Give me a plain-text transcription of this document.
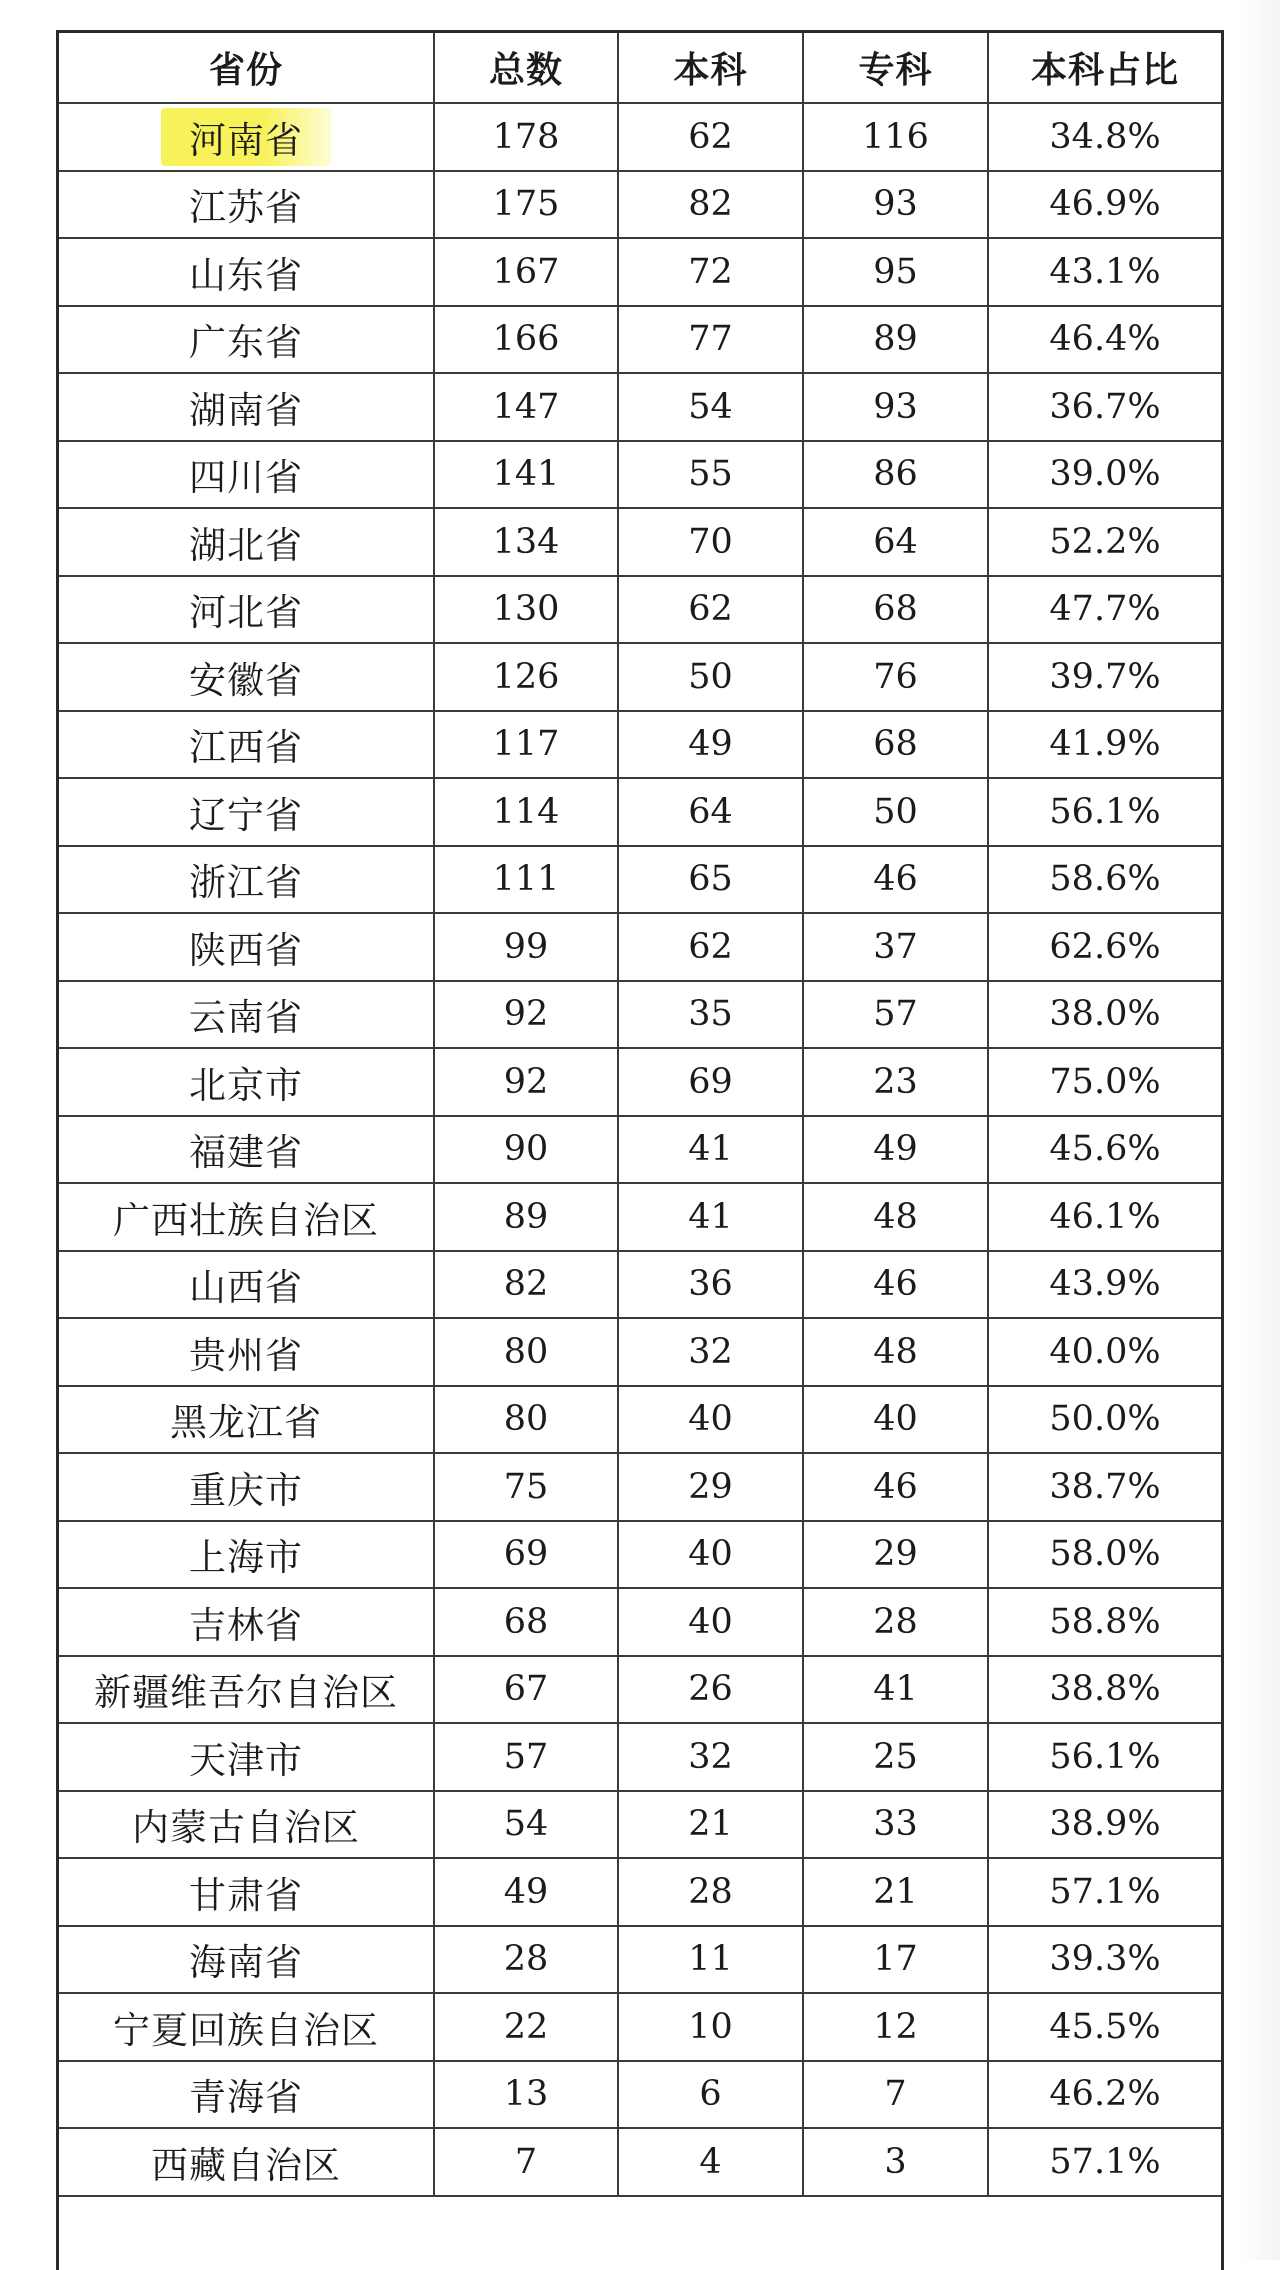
省份	总数	本科	专科	本科占比
河南省	178	62	116	34.8%
江苏省	175	82	93	46.9%
山东省	167	72	95	43.1%
广东省	166	77	89	46.4%
湖南省	147	54	93	36.7%
四川省	141	55	86	39.0%
湖北省	134	70	64	52.2%
河北省	130	62	68	47.7%
安徽省	126	50	76	39.7%
江西省	117	49	68	41.9%
辽宁省	114	64	50	56.1%
浙江省	111	65	46	58.6%
陕西省	99	62	37	62.6%
云南省	92	35	57	38.0%
北京市	92	69	23	75.0%
福建省	90	41	49	45.6%
广西壮族自治区	89	41	48	46.1%
山西省	82	36	46	43.9%
贵州省	80	32	48	40.0%
黑龙江省	80	40	40	50.0%
重庆市	75	29	46	38.7%
上海市	69	40	29	58.0%
吉林省	68	40	28	58.8%
新疆维吾尔自治区	67	26	41	38.8%
天津市	57	32	25	56.1%
内蒙古自治区	54	21	33	38.9%
甘肃省	49	28	21	57.1%
海南省	28	11	17	39.3%
宁夏回族自治区	22	10	12	45.5%
青海省	13	6	7	46.2%
西藏自治区	7	4	3	57.1%
